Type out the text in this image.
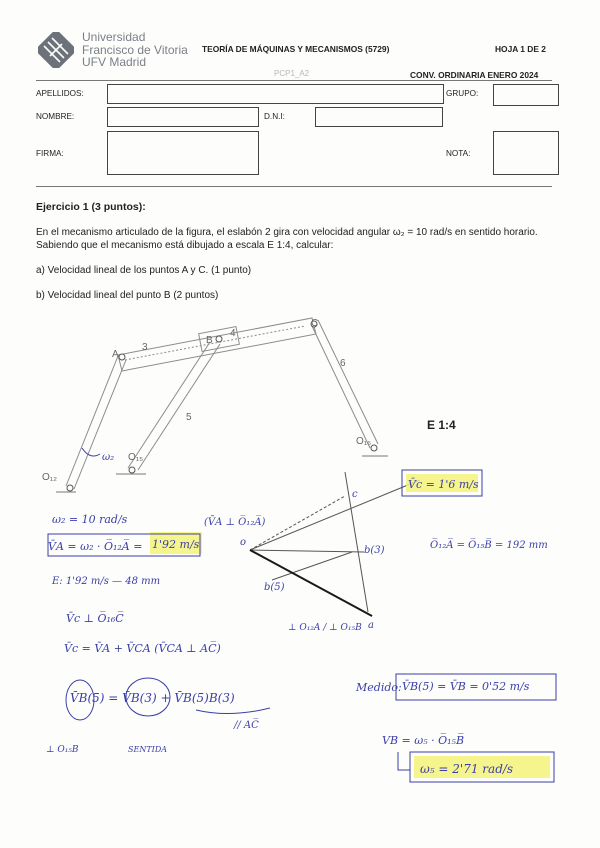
Universidad
Francisco de Vitoria
UFV Madrid
TEORÍA DE MÁQUINAS Y MECANISMOS (5729)	HOJA 1 DE 2
PCP1_A2	CONV. ORDINARIA ENERO 2024
APELLIDOS:	GRUPO:
NOMBRE:	D.N.I:
FIRMA:	NOTA:
Ejercicio 1 (3 puntos):
En el mecanismo articulado de la figura, el eslabón 2 gira con velocidad angular ω₂ = 10 rad/s en sentido horario. Sabiendo que el mecanismo está dibujado a escala E 1:4, calcular:
a) Velocidad lineal de los puntos A y C. (1 punto)
b) Velocidad lineal del punto B (2 puntos)
E 1:4
A
3
B
4
C
6
5
O₁₂
O₁₅
O₁₆
ω₂
o
a
c
b(3)
b(5)
⊥ O₁₂A / ⊥ O₁₅B
V̄c = 1'6 m/s
ω₂ = 10 rad/s	(V̄A ⊥ O̅₁₂A̅)
V̄A = ω₂ · O̅₁₂A̅ =
E: 1'92 m/s — 48 mm
O̅₁₂A̅ = O̅₁₅B̅ = 192 mm
V̄c ⊥ O̅₁₆C̅
V̄c = V̄A + V̄CA (V̄CA ⊥ AC̅)
V̄B(5) = V̄B(3) + V̄B(5)B(3)
⊥ O₁₅B	SENTIDA
// AC̅
1'92 m/s
Medido: V̄B(5) = V̄B = 0'52 m/s
VB = ω₅ · O̅₁₅B̅
ω₅ = 2'71 rad/s
